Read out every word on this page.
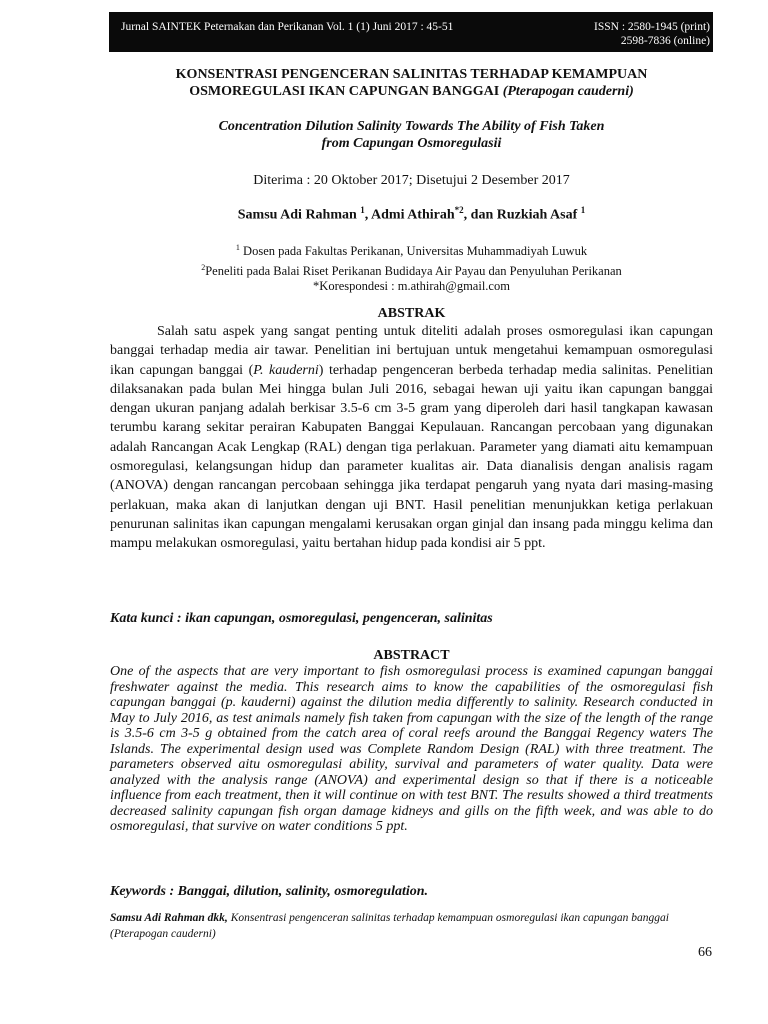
Jurnal SAINTEK Peternakan dan Perikanan Vol. 1 (1) Juni 2017 : 45-51	ISSN : 2580-1945 (print)
2598-7836 (online)
KONSENTRASI PENGENCERAN SALINITAS TERHADAP KEMAMPUAN
OSMOREGULASI IKAN CAPUNGAN BANGGAI (Pterapogan cauderni)
Concentration Dilution Salinity Towards The Ability of Fish Taken
from Capungan Osmoregulasii
Diterima : 20 Oktober 2017; Disetujui 2 Desember 2017
Samsu Adi Rahman $^1$, Admi Athirah$^{*2}$, dan Ruzkiah Asaf $^1$
$^1$ Dosen pada Fakultas Perikanan, Universitas Muhammadiyah Luwuk
$^2$Peneliti pada Balai Riset Perikanan Budidaya Air Payau dan Penyuluhan Perikanan
*Korespondesi : m.athirah@gmail.com
ABSTRAK

Salah satu aspek yang sangat penting untuk diteliti adalah proses osmoregulasi ikan capungan banggai terhadap media air tawar. Penelitian ini bertujuan untuk mengetahui kemampuan osmoregulasi ikan capungan banggai (P. kauderni) terhadap pengenceran berbeda terhadap media salinitas. Penelitian dilaksanakan pada bulan Mei hingga bulan Juli 2016, sebagai hewan uji yaitu ikan capungan banggai dengan ukuran panjang adalah berkisar 3.5-6 cm 3-5 gram yang diperoleh dari hasil tangkapan kawasan terumbu karang sekitar perairan Kabupaten Banggai Kepulauan. Rancangan percobaan yang digunakan adalah Rancangan Acak Lengkap (RAL) dengan tiga perlakuan. Parameter yang diamati aitu kemampuan osmoregulasi, kelangsungan hidup dan parameter kualitas air. Data dianalisis dengan analisis ragam (ANOVA) dengan rancangan percobaan sehingga jika terdapat pengaruh yang nyata dari masing-masing perlakuan, maka akan di lanjutkan dengan uji BNT. Hasil penelitian menunjukkan ketiga perlakuan penurunan salinitas ikan capungan mengalami kerusakan organ ginjal dan insang pada minggu kelima dan mampu melakukan osmoregulasi, yaitu bertahan hidup pada kondisi air 5 ppt.

Kata kunci : ikan capungan, osmoregulasi, pengenceran, salinitas
ABSTRACT

One of the aspects that are very important to fish osmoregulasi process is examined capungan banggai freshwater against the media. This research aims to know the capabilities of the osmoregulasi fish capungan banggai (p. kauderni) against the dilution media differently to salinity. Research conducted in May to July 2016, as test animals namely fish taken from capungan with the size of the length of the range is 3.5-6 cm 3-5 g obtained from the catch area of coral reefs around the Banggai Regency waters The Islands. The experimental design used was Complete Random Design (RAL) with three treatment. The parameters observed aitu osmoregulasi ability, survival and parameters of water quality. Data were analyzed with the analysis range (ANOVA) and experimental design so that if there is a noticeable influence from each treatment, then it will continue on with test BNT. The results showed a third treatments decreased salinity capungan fish organ damage kidneys and gills on the fifth week, and was able to do osmoregulasi, that survive on water conditions 5 ppt.

Keywords : Banggai, dilution, salinity, osmoregulation.
Samsu Adi Rahman dkk, Konsentrasi pengenceran salinitas terhadap kemampuan osmoregulasi ikan capungan banggai (Pterapogan cauderni)
66
